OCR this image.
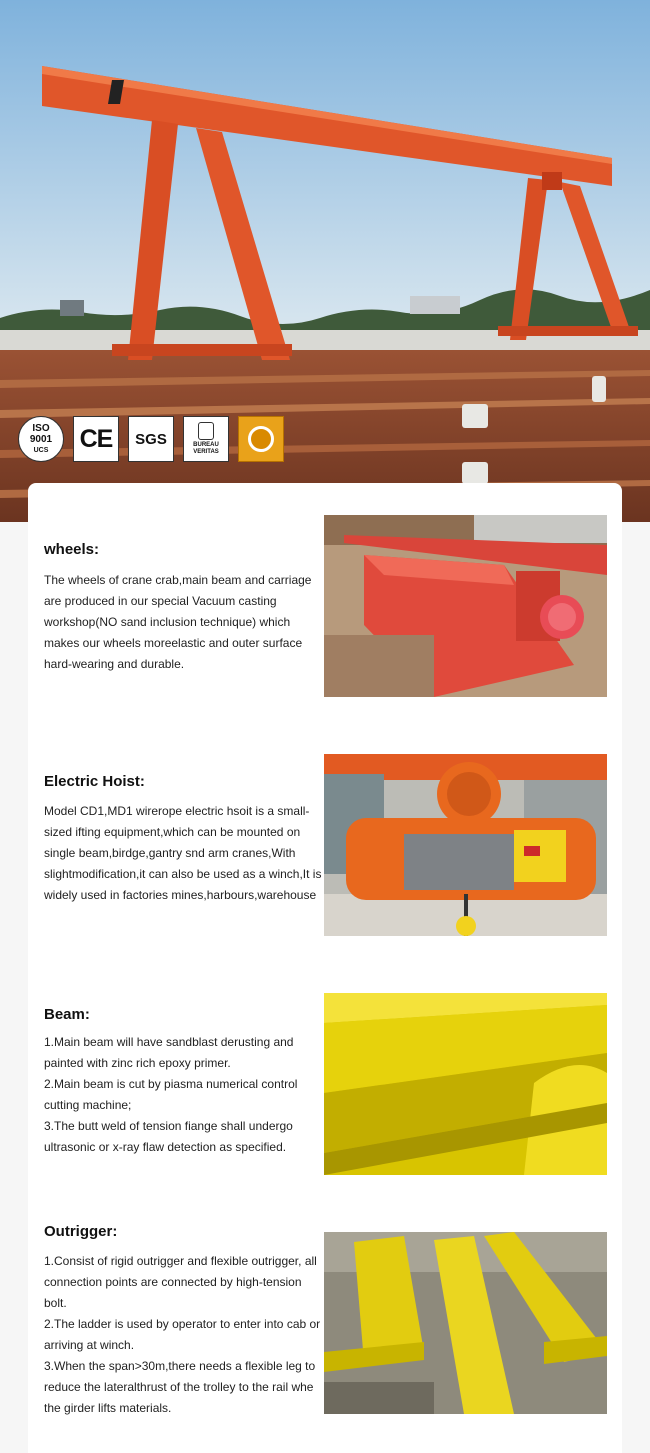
ISO
9001
UCS CE	SGS	BUREAU
VERITAS
wheels:

The wheels of crane crab,main beam and carriage are produced in our special Vacuum casting workshop(NO sand inclusion technique) which makes our wheels moreelastic and outer surface hard-wearing and durable.

Electric Hoist:

Model CD1,MD1 wirerope electric hsoit is a small-sized ifting equipment,which can be mounted on single beam,birdge,gantry snd arm cranes,With slightmodification,it can also be used as a winch,It is widely used in factories mines,harbours,warehouse

Beam:

1.Main beam will have sandblast derusting and painted with zinc rich epoxy primer.

2.Main beam is cut by piasma numerical control cutting machine;

3.The butt weld of tension fiange shall undergo ultrasonic or x-ray flaw detection as specified.

Outrigger:

1.Consist of rigid outrigger and flexible outrigger, all connection points are connected by high-tension bolt.

2.The ladder is used by operator to enter into cab or arriving at winch.

3.When the span>30m,there needs a flexible leg to reduce the lateralthrust of the trolley to the rail whe the girder lifts materials.
